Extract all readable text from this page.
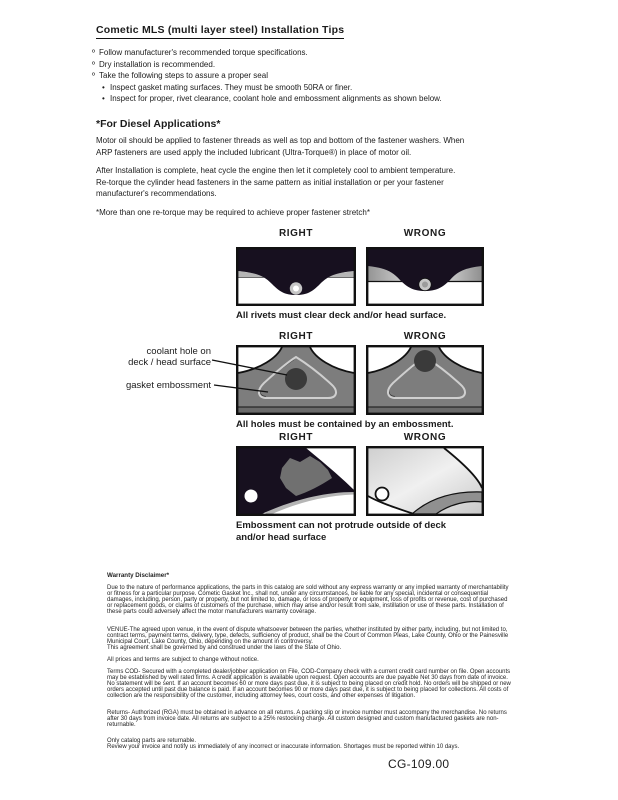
Cometic MLS (multi layer steel) Installation Tips
º Follow manufacturer's recommended torque specifications.
º Dry installation is recommended.
º Take the following steps to assure a proper seal
• Inspect gasket mating surfaces. They must be smooth 50RA or finer.
• Inspect for proper, rivet clearance, coolant hole and embossment alignments as shown below.
*For Diesel Applications*
Motor oil should be applied to fastener threads as well as top and bottom of the fastener washers. When ARP fasteners are used apply the included lubricant (Ultra-Torque®) in place of motor oil.
After Installation is complete, heat cycle the engine then let it completely cool to ambient temperature. Re-torque the cylinder head fasteners in the same pattern as initial installation or per your fastener manufacturer's recommendations.
*More than one re-torque may be required to achieve proper fastener stretch*
RIGHT	WRONG
All rivets must clear deck and/or head surface.
RIGHT	WRONG
All holes must be contained by an embossment.
coolant hole on
deck / head surface
gasket embossment
RIGHT	WRONG
Embossment can not protrude outside of deck
and/or head surface
Warranty Disclaimer*
Due to the nature of performance applications, the parts in this catalog are sold without any express warranty or any implied warranty of merchantability or fitness for a particular purpose. Cometic Gasket Inc., shall not, under any circumstances, be liable for any special, incidental or consequential damages, including, person, party or property, but not limited to, damage, or loss of property or equipment, loss of profits or revenue, cost of purchased or replacement goods, or claims of customers of the purchase, which may arise and/or result from sale, instillation or use of these parts. Installation of these parts could adversely affect the motor manufacturers warranty coverage.
VENUE-The agreed upon venue, in the event of dispute whatsoever between the parties, whether instituted by either party, including, but not limited to, contract terms, payment terms, delivery, type, defects, sufficiency of product, shall be the Court of Common Pleas, Lake County, Ohio or the Painesville Municipal Court, Lake County, Ohio, depending on the amount in controversy.
This agreement shall be governed by and construed under the laws of the State of Ohio.
All prices and terms are subject to change without notice.
Terms COD- Secured with a completed dealer/jobber application on File, COD-Company check with a current credit card number on file. Open accounts may be established by well rated firms. A credit application is available upon request. Open accounts are due payable Net 30 days from date of invoice. No statement will be sent. If an account becomes 60 or more days past due, it is subject to being placed on credit hold. No orders will be shipped or new orders accepted until past due balance is paid. If an account becomes 90 or more days past due, it is subject to being placed for collections. All costs of collection are the responsibility of the customer, including attorney fees, court costs, and other expenses of litigation.
Returns- Authorized (RGA) must be obtained in advance on all returns. A packing slip or invoice number must accompany the merchandise. No returns after 30 days from invoice date. All returns are subject to a 25% restocking charge. All custom designed and custom manufactured gaskets are non-returnable.
Only catalog parts are returnable.
Review your invoice and notify us immediately of any incorrect or inaccurate information. Shortages must be reported within 10 days.
CG-109.00
